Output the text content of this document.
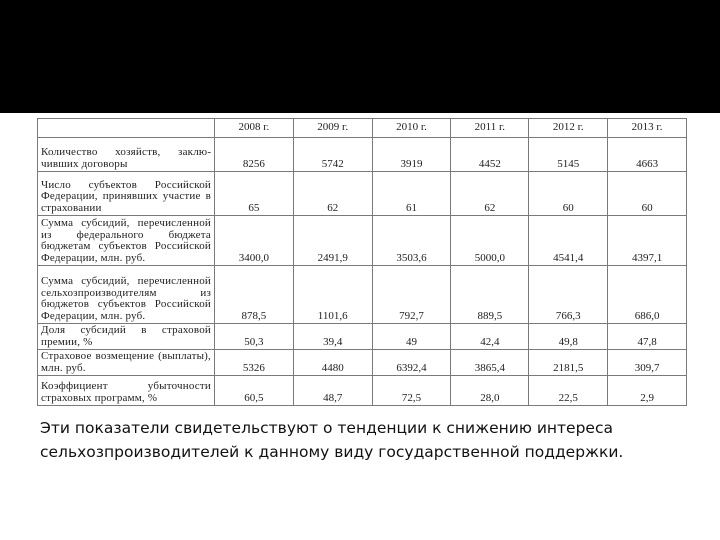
	2008 г.	2009 г.	2010 г.	2011 г.	2012 г.	2013 г.
Количество хозяйств, заключивших договоры	8256	5742	3919	4452	5145	4663
Число субъектов Российской Федерации, принявших участие в страховании	65	62	61	62	60	60
Сумма субсидий, перечисленной из федерального бюджета бюджетам субъектов Российской Федерации, млн. руб.	3400,0	2491,9	3503,6	5000,0	4541,4	4397,1
Сумма субсидий, перечисленной сельхозпроизводителям из бюджетов субъектов Российской Федерации, млн. руб.	878,5	1101,6	792,7	889,5	766,3	686,0
Доля субсидий в страховой премии, %	50,3	39,4	49	42,4	49,8	47,8
Страховое возмещение (выплаты), млн. руб.	5326	4480	6392,4	3865,4	2181,5	309,7
Коэффициент убыточности страховых программ, %	60,5	48,7	72,5	28,0	22,5	2,9
Эти показатели свидетельствуют о тенденции к снижению интереса сельхозпроизводителей к данному виду государственной поддержки.
